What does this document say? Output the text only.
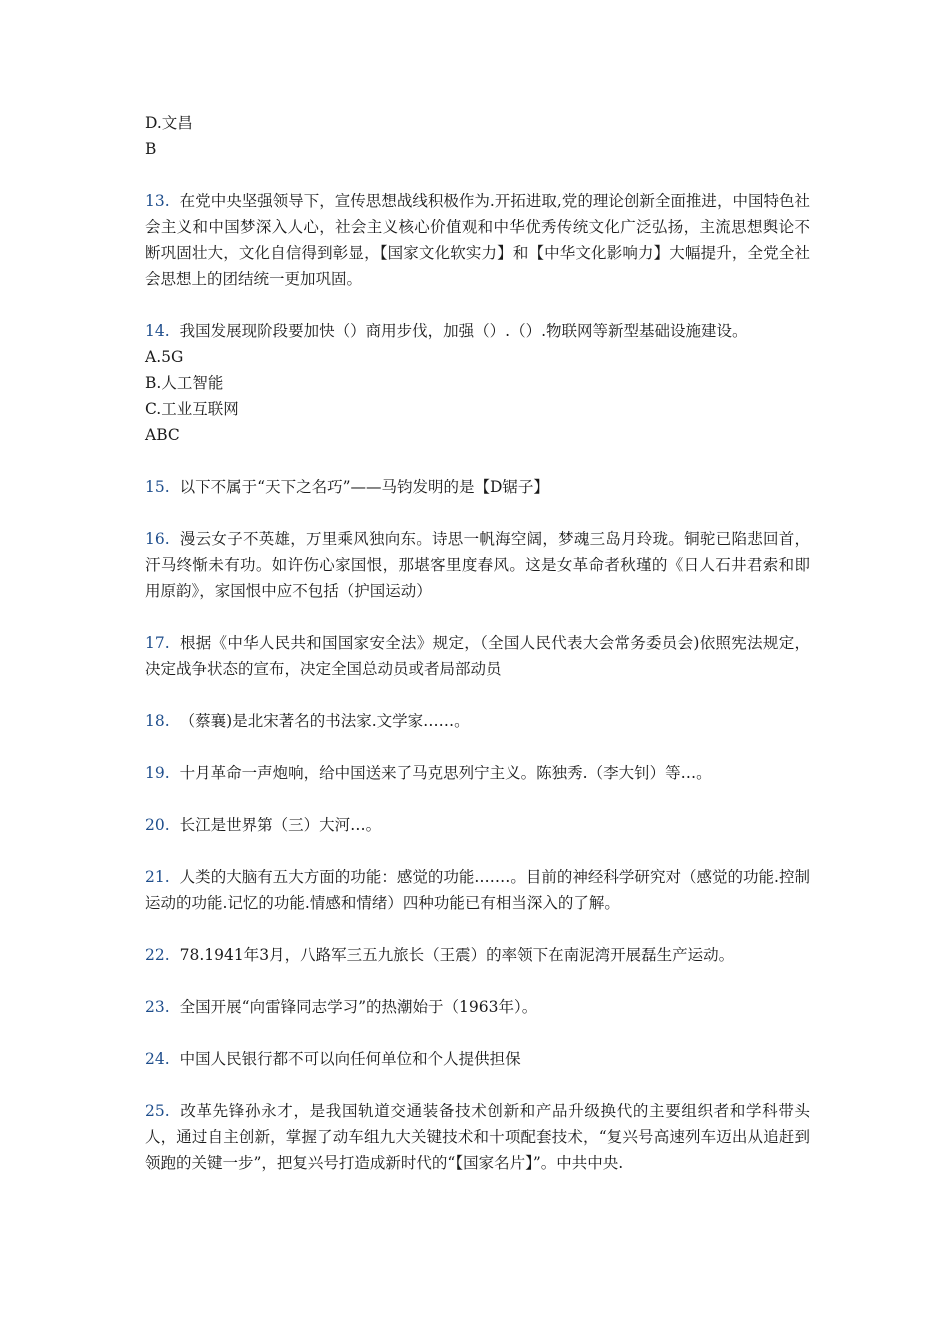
D.文昌
B

13. 在党中央坚强领导下，宣传思想战线积极作为.开拓进取,党的理论创新全面推进，中国特色社会主义和中国梦深入人心，社会主义核心价值观和中华优秀传统文化广泛弘扬，主流思想舆论不断巩固壮大，文化自信得到彰显，【国家文化软实力】和【中华文化影响力】大幅提升，全党全社会思想上的团结统一更加巩固。

14. 我国发展现阶段要加快（）商用步伐，加强（）.（）.物联网等新型基础设施建设。

A.5G
B.人工智能
C.工业互联网
ABC

15. 以下不属于“天下之名巧”——马钧发明的是【D锯子】

16. 漫云女子不英雄，万里乘风独向东。诗思一帆海空阔，梦魂三岛月玲珑。铜驼已陷悲回首，汗马终惭未有功。如许伤心家国恨，那堪客里度春风。这是女革命者秋瑾的《日人石井君索和即用原韵》，家国恨中应不包括（护国运动）

17. 根据《中华人民共和国国家安全法》规定，（全国人民代表大会常务委员会)依照宪法规定，决定战争状态的宣布，决定全国总动员或者局部动员

18. （蔡襄)是北宋著名的书法家.文学家……。

19. 十月革命一声炮响，给中国送来了马克思列宁主义。陈独秀.（李大钊）等…。

20. 长江是世界第（三）大河…。

21. 人类的大脑有五大方面的功能：感觉的功能.……。目前的神经科学研究对（感觉的功能.控制运动的功能.记忆的功能.情感和情绪）四种功能已有相当深入的了解。

22. 78.1941年3月，八路军三五九旅长（王震）的率领下在南泥湾开展磊生产运动。

23. 全国开展“向雷锋同志学习”的热潮始于（1963年）。

24. 中国人民银行都不可以向任何单位和个人提供担保

25. 改革先锋孙永才，是我国轨道交通装备技术创新和产品升级换代的主要组织者和学科带头人，通过自主创新，掌握了动车组九大关键技术和十项配套技术，“复兴号高速列车迈出从追赶到领跑的关键一步”，把复兴号打造成新时代的“【国家名片】”。中共中央.
